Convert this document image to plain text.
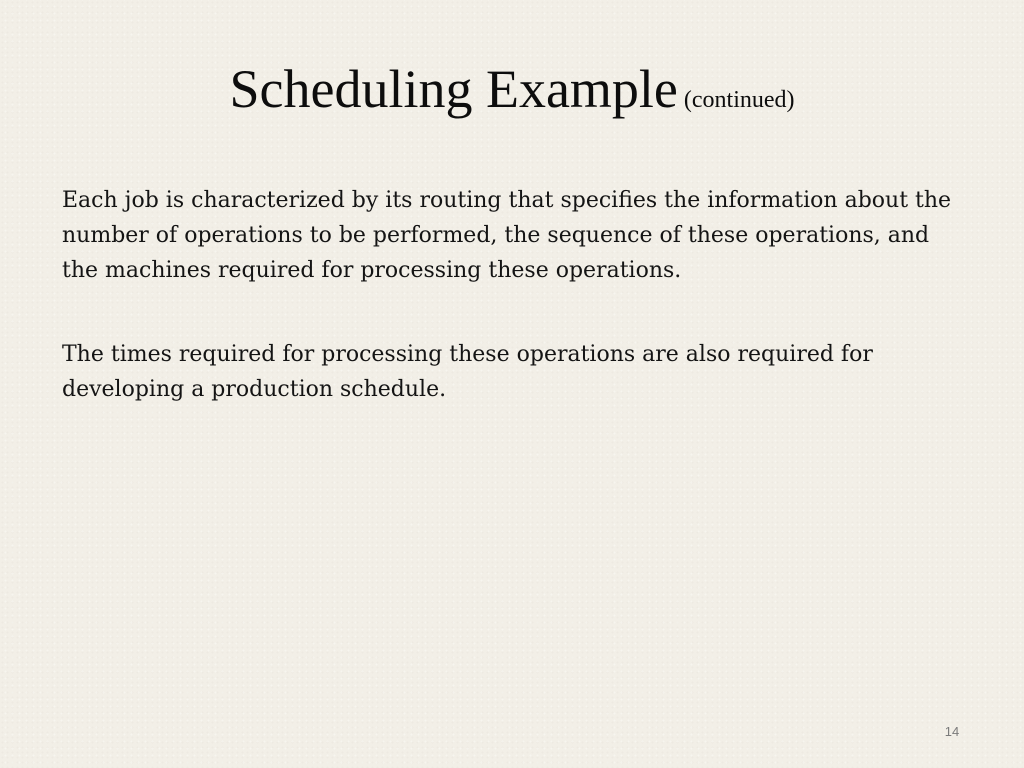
Scheduling Example (continued)

Each job is characterized by its routing that specifies the information about the number of operations to be performed, the sequence of these operations, and the machines required for processing these operations.

The times required for processing these operations are also required for developing a production schedule.

14
